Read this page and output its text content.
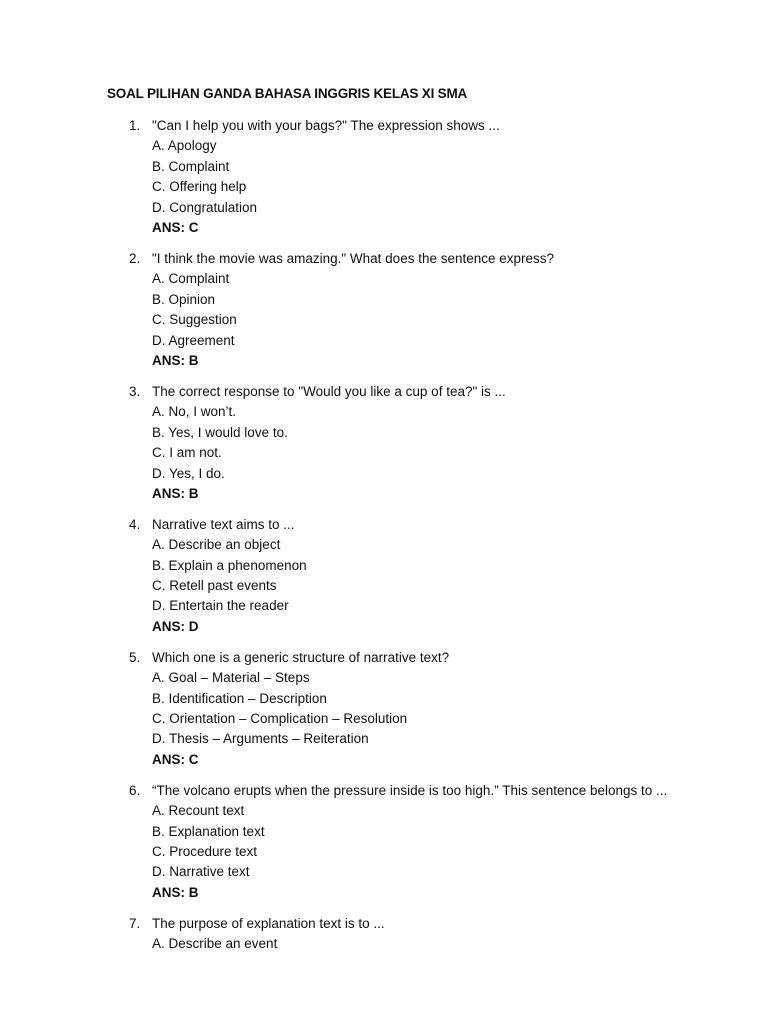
SOAL PILIHAN GANDA BAHASA INGGRIS KELAS XI SMA
1. "Can I help you with your bags?" The expression shows ...
A. Apology
B. Complaint
C. Offering help
D. Congratulation
ANS: C
2. "I think the movie was amazing." What does the sentence express?
A. Complaint
B. Opinion
C. Suggestion
D. Agreement
ANS: B
3. The correct response to "Would you like a cup of tea?" is ...
A. No, I won’t.
B. Yes, I would love to.
C. I am not.
D. Yes, I do.
ANS: B
4. Narrative text aims to ...
A. Describe an object
B. Explain a phenomenon
C. Retell past events
D. Entertain the reader
ANS: D
5. Which one is a generic structure of narrative text?
A. Goal – Material – Steps
B. Identification – Description
C. Orientation – Complication – Resolution
D. Thesis – Arguments – Reiteration
ANS: C
6. “The volcano erupts when the pressure inside is too high.” This sentence belongs to ...
A. Recount text
B. Explanation text
C. Procedure text
D. Narrative text
ANS: B
7. The purpose of explanation text is to ...
A. Describe an event
